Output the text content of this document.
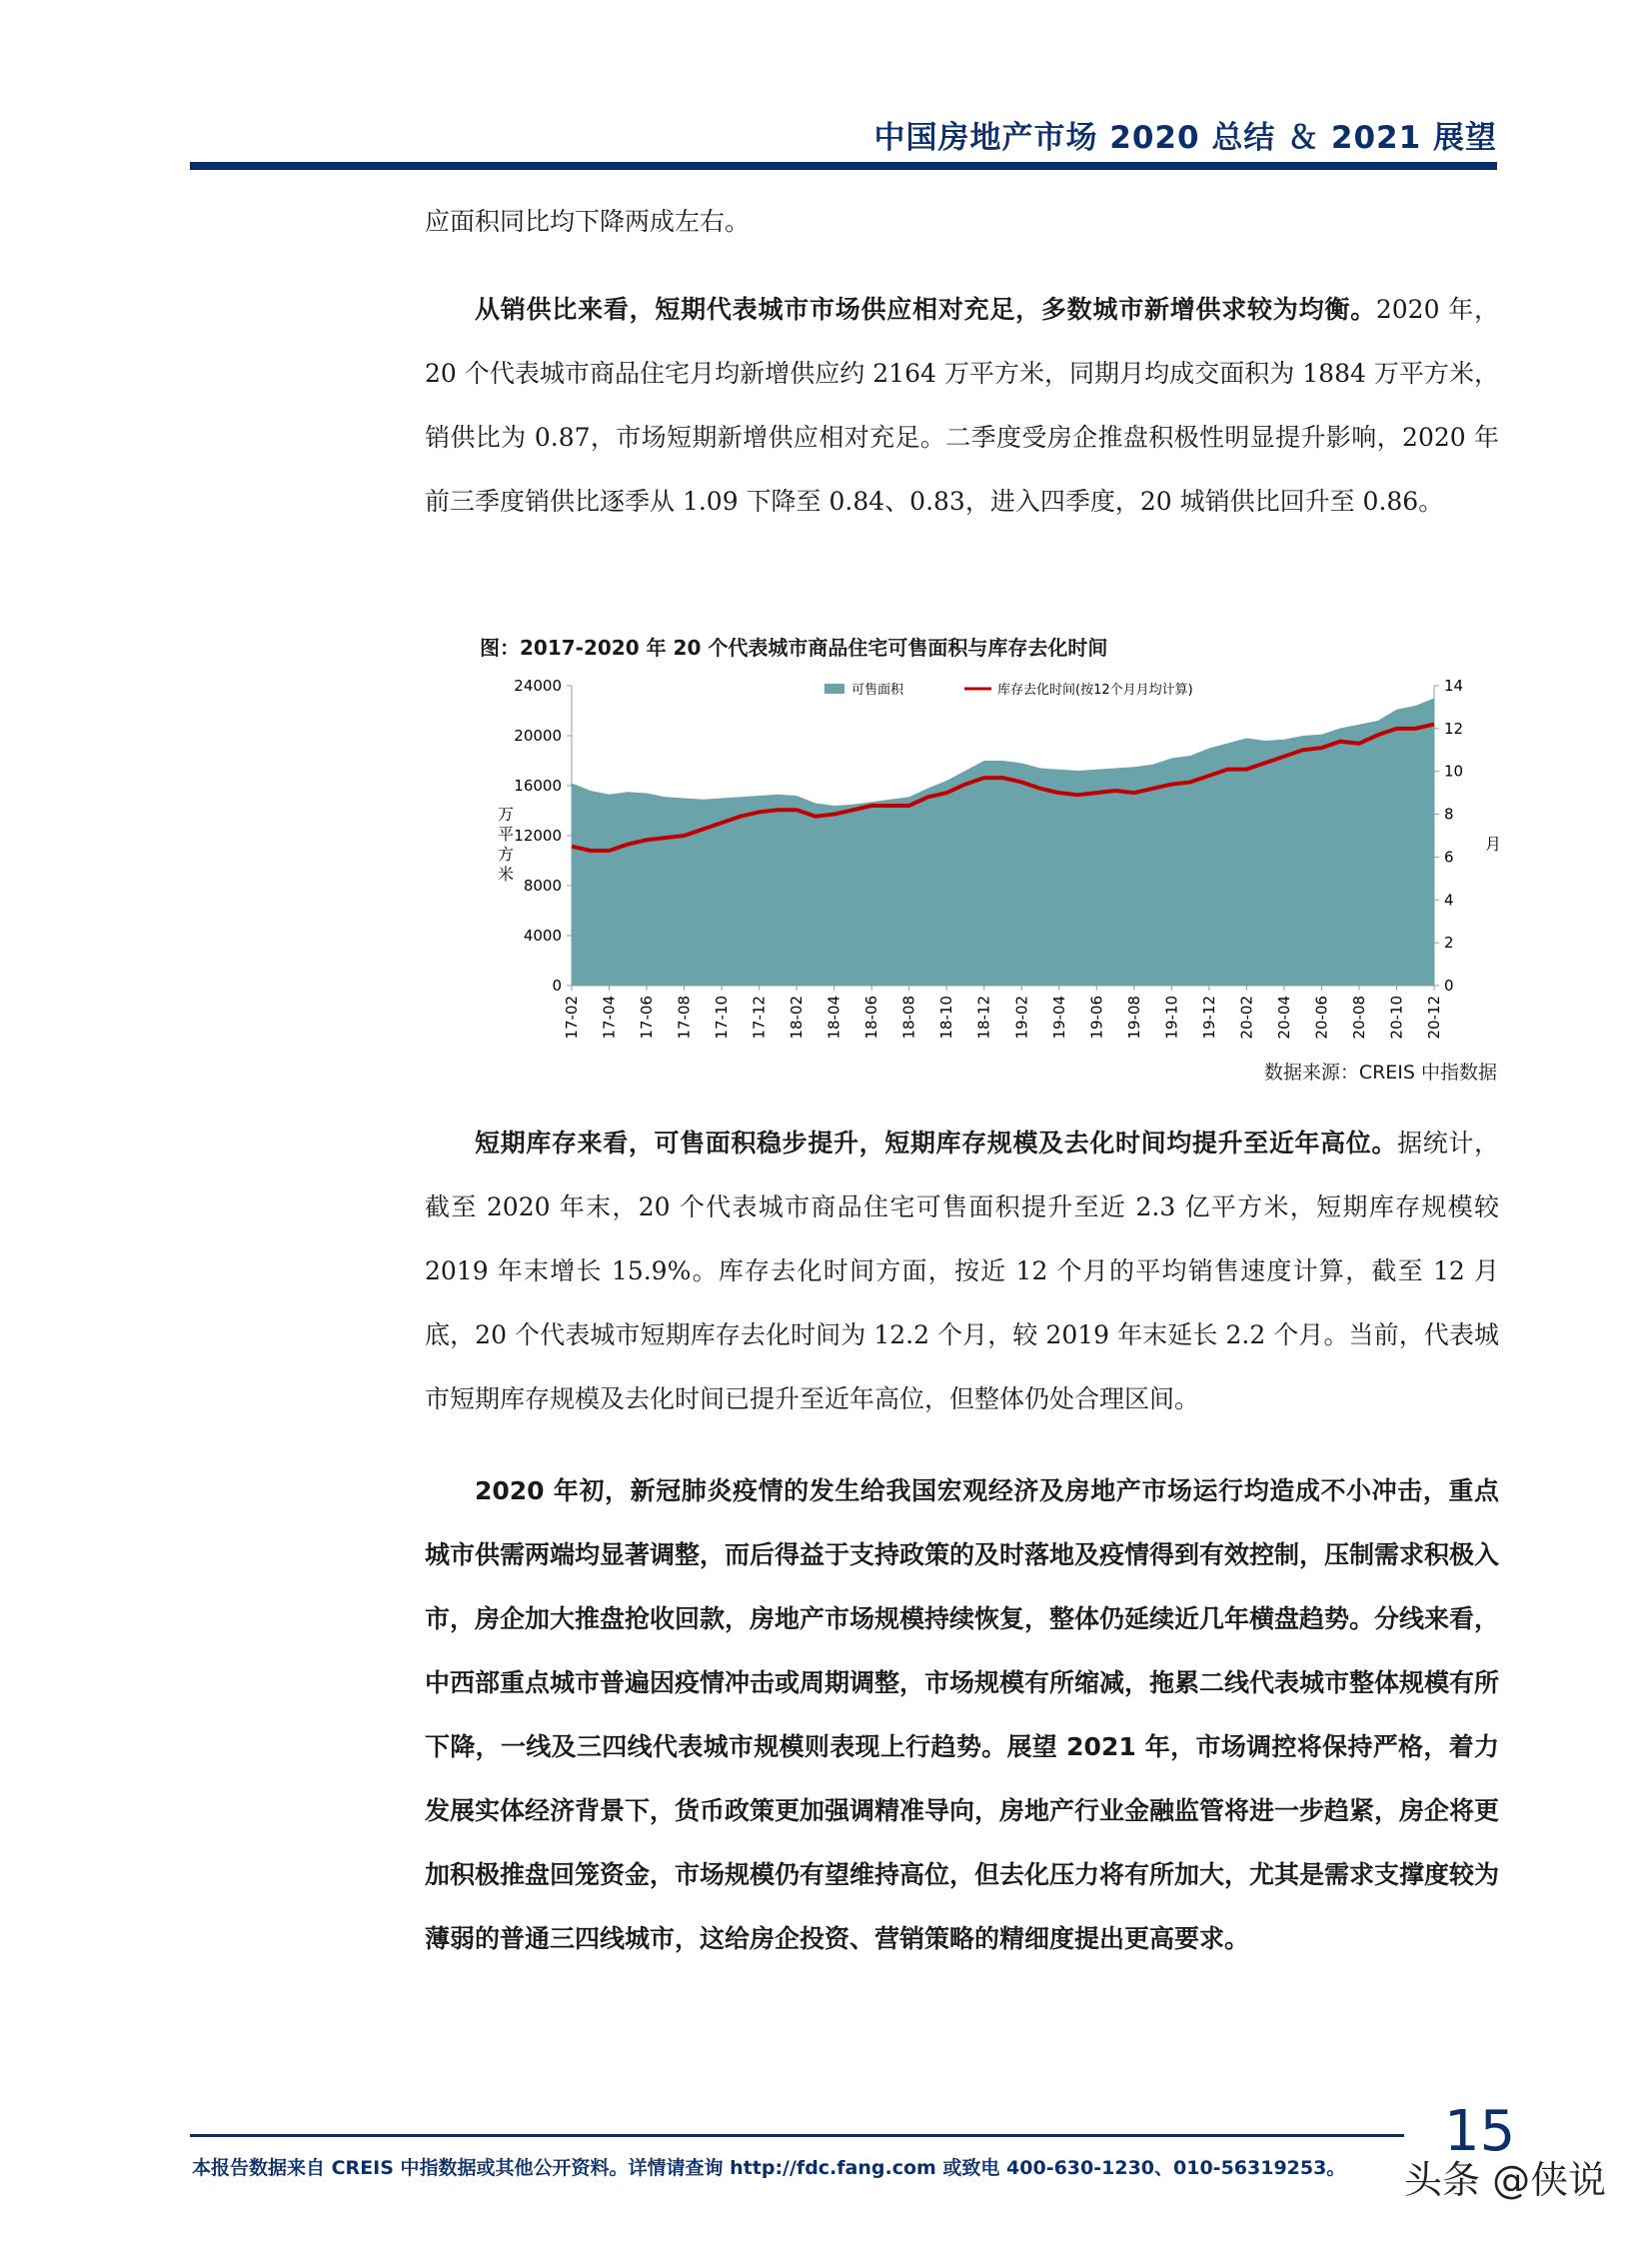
中国房地产市场 2020 总结 ＆ 2021 展望
应面积同比均下降两成左右。
从销供比来看，短期代表城市市场供应相对充足，多数城市新增供求较为均衡。2020 年，20 个代表城市商品住宅月均新增供应约 2164 万平方米，同期月均成交面积为 1884 万平方米，销供比为 0.87，市场短期新增供应相对充足。二季度受房企推盘积极性明显提升影响，2020 年前三季度销供比逐季从 1.09 下降至 0.84、0.83，进入四季度，20 城销供比回升至 0.86。
图：2017-2020 年 20 个代表城市商品住宅可售面积与库存去化时间
0
4000
8000
12000
16000
20000
24000
0
2
4
6
8
10
12
14
17-02 17-04 17-06 17-08 17-10 17-12 18-02 18-04 18-06 18-08 18-10 18-12 19-02 19-04 19-06 19-08 19-10 19-12 20-02 20-04 20-06 20-08 20-10 20-12
可售面积	库存去化时间(按12个月月均计算)
万
平
方
米
月
数据来源：CREIS 中指数据
短期库存来看，可售面积稳步提升，短期库存规模及去化时间均提升至近年高位。据统计，截至 2020 年末，20 个代表城市商品住宅可售面积提升至近 2.3 亿平方米，短期库存规模较 2019 年末增长 15.9%。库存去化时间方面，按近 12 个月的平均销售速度计算，截至 12 月底，20 个代表城市短期库存去化时间为 12.2 个月，较 2019 年末延长 2.2 个月。当前，代表城市短期库存规模及去化时间已提升至近年高位，但整体仍处合理区间。
2020 年初，新冠肺炎疫情的发生给我国宏观经济及房地产市场运行均造成不小冲击，重点城市供需两端均显著调整，而后得益于支持政策的及时落地及疫情得到有效控制，压制需求积极入市，房企加大推盘抢收回款，房地产市场规模持续恢复，整体仍延续近几年横盘趋势。分线来看，中西部重点城市普遍因疫情冲击或周期调整，市场规模有所缩减，拖累二线代表城市整体规模有所下降，一线及三四线代表城市规模则表现上行趋势。展望 2021 年，市场调控将保持严格，着力发展实体经济背景下，货币政策更加强调精准导向，房地产行业金融监管将进一步趋紧，房企将更加积极推盘回笼资金，市场规模仍有望维持高位，但去化压力将有所加大，尤其是需求支撑度较为薄弱的普通三四线城市，这给房企投资、营销策略的精细度提出更高要求。
本报告数据来自 CREIS 中指数据或其他公开资料。详情请查询 http://fdc.fang.com 或致电 400-630-1230、010-56319253。
15
头条 @侠说
